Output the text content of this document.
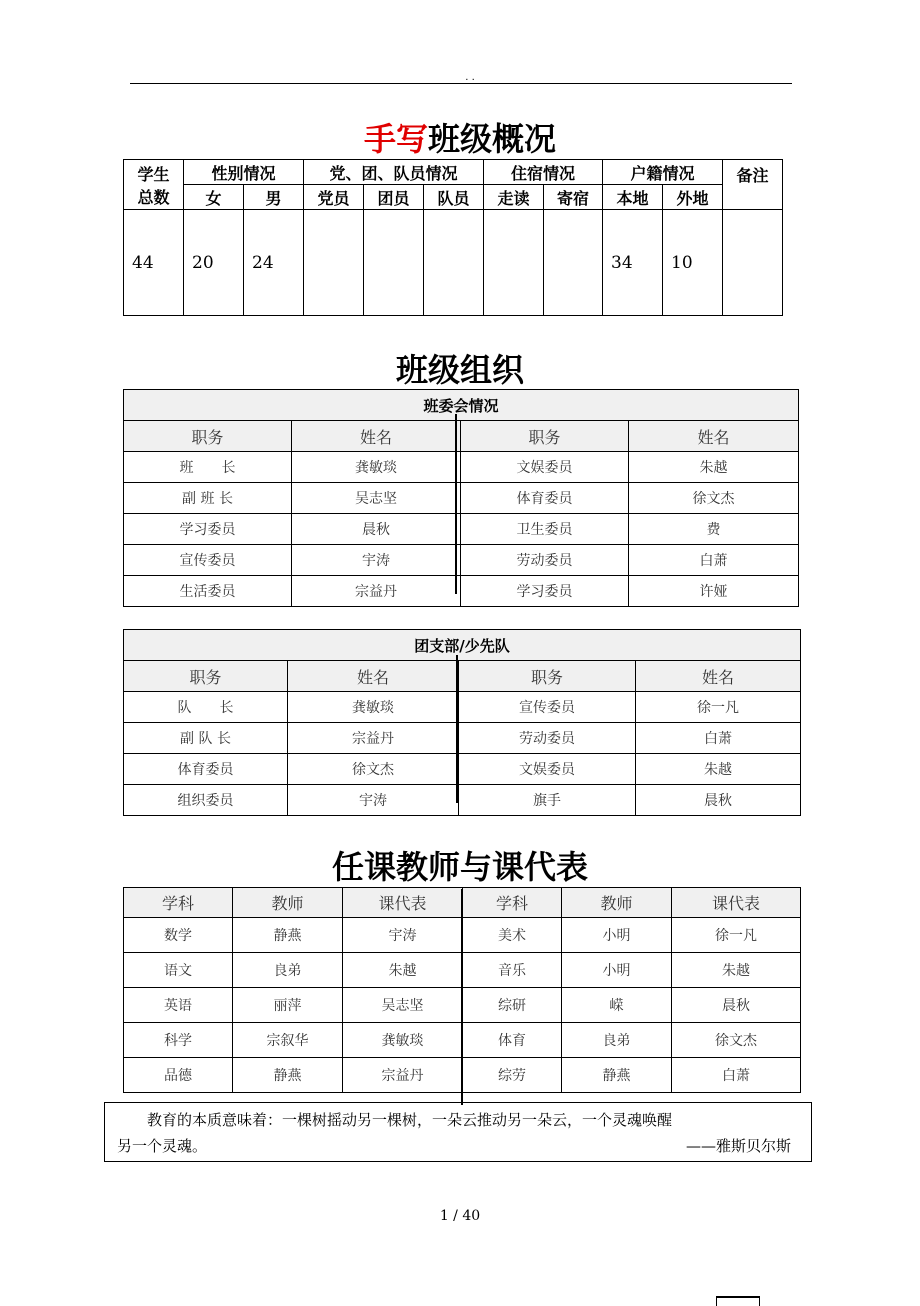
. .
手写班级概况
学生
总数	性别情况		党、团、队员情况			住宿情况		户籍情况		备注
	女	男	党员	团员	队员	走读	寄宿	本地	外地	
44	20	24						34	10	
班级组织
班委会情况			
职务	姓名	职务	姓名
班　　长	龚敏琰	文娱委员	朱越
副 班 长	吴志坚	体育委员	徐文杰
学习委员	晨秋	卫生委员	费
宣传委员	宇涛	劳动委员	白萧
生活委员	宗益丹	学习委员	许娅
团支部/少先队			
职务	姓名	职务	姓名
队　　长	龚敏琰	宣传委员	徐一凡
副 队 长	宗益丹	劳动委员	白萧
体育委员	徐文杰	文娱委员	朱越
组织委员	宇涛	旗手	晨秋
任课教师与课代表
学科	教师	课代表	学科	教师	课代表
数学	静燕	宇涛	美术	小明	徐一凡
语文	良弟	朱越	音乐	小明	朱越
英语	丽萍	吴志坚	综研	嵘	晨秋
科学	宗叙华	龚敏琰	体育	良弟	徐文杰
品德	静燕	宗益丹	综劳	静燕	白萧
教育的本质意味着：一棵树摇动另一棵树，一朵云推动另一朵云，一个灵魂唤醒
另一个灵魂。	——雅斯贝尔斯
1 / 40
